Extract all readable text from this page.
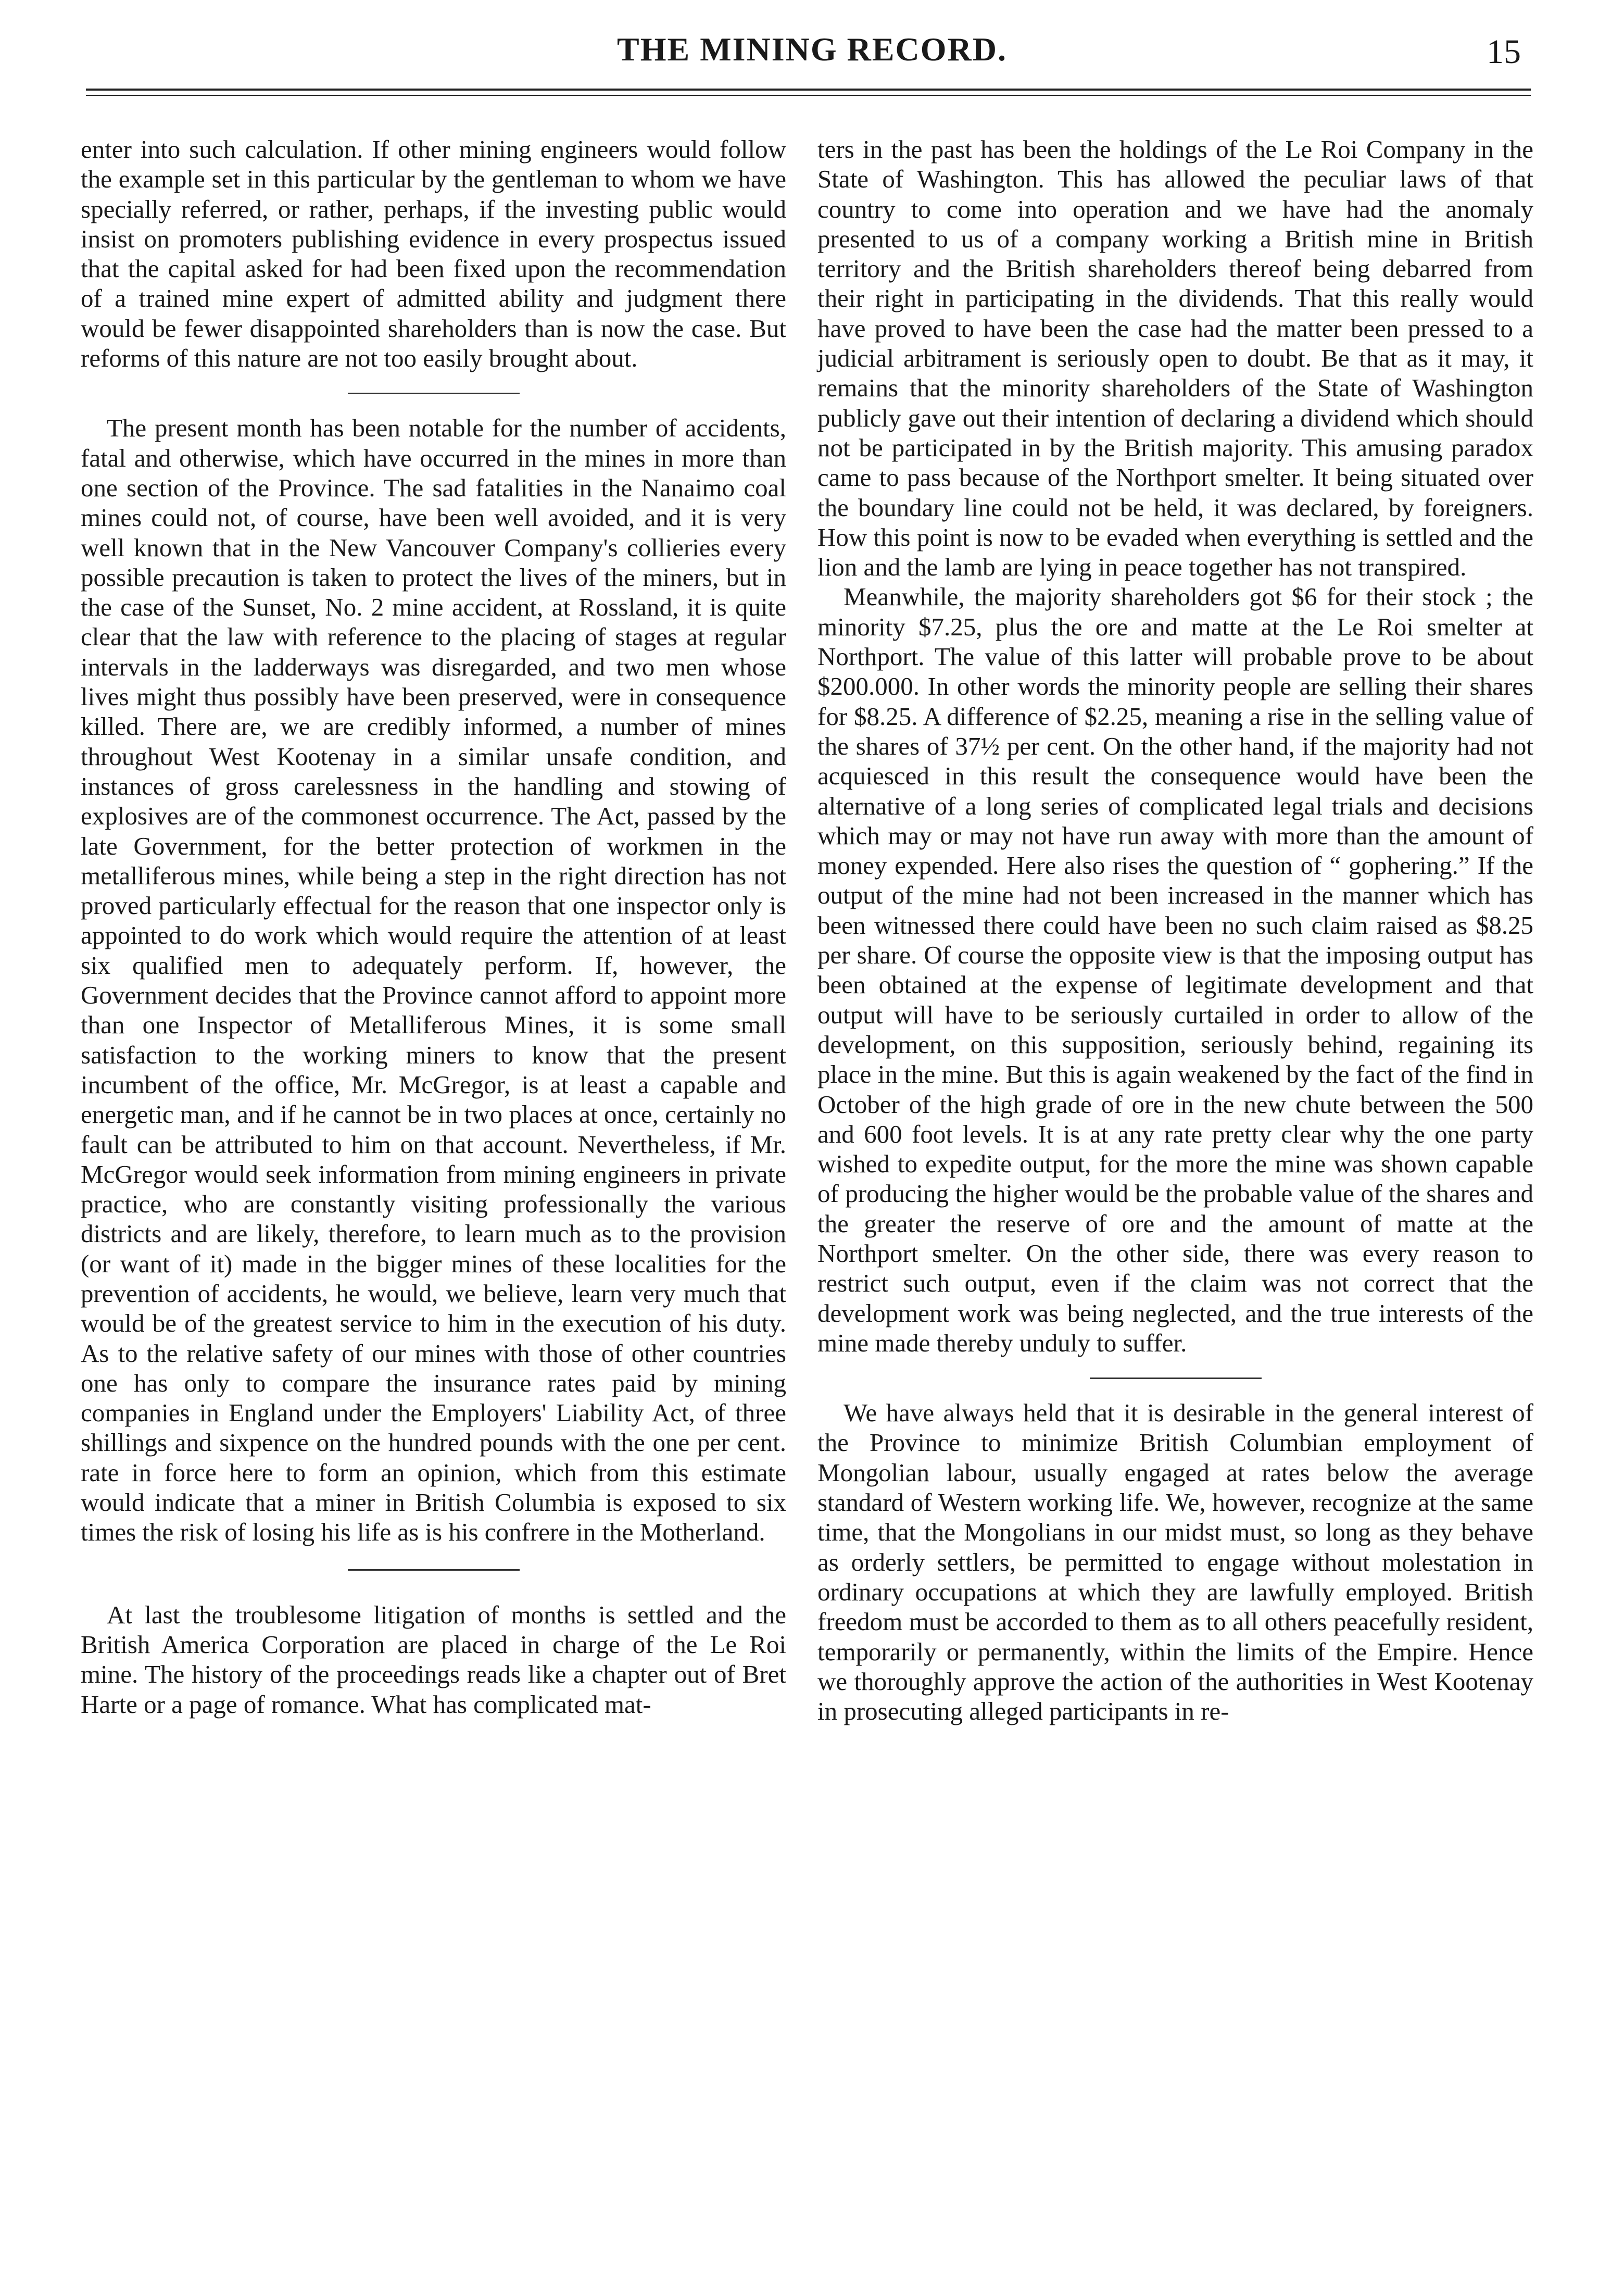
THE MINING RECORD.	15

enter into such calculation. If other mining engineers would follow the example set in this particular by the gentleman to whom we have specially referred, or rather, perhaps, if the investing public would insist on promoters publishing evidence in every prospectus issued that the capital asked for had been fixed upon the recommendation of a trained mine expert of admitted ability and judgment there would be fewer disappointed shareholders than is now the case. But reforms of this nature are not too easily brought about.

The present month has been notable for the number of accidents, fatal and otherwise, which have occurred in the mines in more than one section of the Province. The sad fatalities in the Nanaimo coal mines could not, of course, have been well avoided, and it is very well known that in the New Vancouver Company's collieries every possible precaution is taken to protect the lives of the miners, but in the case of the Sunset, No. 2 mine accident, at Rossland, it is quite clear that the law with reference to the placing of stages at regular intervals in the ladderways was disregarded, and two men whose lives might thus possibly have been preserved, were in consequence killed. There are, we are credibly informed, a number of mines throughout West Kootenay in a similar unsafe condition, and instances of gross carelessness in the handling and stowing of explosives are of the commonest occurrence. The Act, passed by the late Government, for the better protection of workmen in the metalliferous mines, while being a step in the right direction has not proved particularly effectual for the reason that one inspector only is appointed to do work which would require the attention of at least six qualified men to adequately perform. If, however, the Government decides that the Province cannot afford to appoint more than one Inspector of Metalliferous Mines, it is some small satisfaction to the working miners to know that the present incumbent of the office, Mr. McGregor, is at least a capable and energetic man, and if he cannot be in two places at once, certainly no fault can be attributed to him on that account. Nevertheless, if Mr. McGregor would seek information from mining engineers in private practice, who are constantly visiting professionally the various districts and are likely, therefore, to learn much as to the provision (or want of it) made in the bigger mines of these localities for the prevention of accidents, he would, we believe, learn very much that would be of the greatest service to him in the execution of his duty. As to the relative safety of our mines with those of other countries one has only to compare the insurance rates paid by mining companies in England under the Employers' Liability Act, of three shillings and sixpence on the hundred pounds with the one per cent. rate in force here to form an opinion, which from this estimate would indicate that a miner in British Columbia is exposed to six times the risk of losing his life as is his confrere in the Motherland.

At last the troublesome litigation of months is settled and the British America Corporation are placed in charge of the Le Roi mine. The history of the proceedings reads like a chapter out of Bret Harte or a page of romance. What has complicated mat-

ters in the past has been the holdings of the Le Roi Company in the State of Washington. This has allowed the peculiar laws of that country to come into operation and we have had the anomaly presented to us of a company working a British mine in British territory and the British shareholders thereof being debarred from their right in participating in the dividends. That this really would have proved to have been the case had the matter been pressed to a judicial arbitrament is seriously open to doubt. Be that as it may, it remains that the minority shareholders of the State of Washington publicly gave out their intention of declaring a dividend which should not be participated in by the British majority. This amusing paradox came to pass because of the Northport smelter. It being situated over the boundary line could not be held, it was declared, by foreigners. How this point is now to be evaded when everything is settled and the lion and the lamb are lying in peace together has not transpired.

Meanwhile, the majority shareholders got $6 for their stock ; the minority $7.25, plus the ore and matte at the Le Roi smelter at Northport. The value of this latter will probable prove to be about $200.000. In other words the minority people are selling their shares for $8.25. A difference of $2.25, meaning a rise in the selling value of the shares of 37½ per cent. On the other hand, if the majority had not acquiesced in this result the consequence would have been the alternative of a long series of complicated legal trials and decisions which may or may not have run away with more than the amount of money expended. Here also rises the question of “ gophering.” If the output of the mine had not been increased in the manner which has been witnessed there could have been no such claim raised as $8.25 per share. Of course the opposite view is that the imposing output has been obtained at the expense of legitimate development and that output will have to be seriously curtailed in order to allow of the development, on this supposition, seriously behind, regaining its place in the mine. But this is again weakened by the fact of the find in October of the high grade of ore in the new chute between the 500 and 600 foot levels. It is at any rate pretty clear why the one party wished to expedite output, for the more the mine was shown capable of producing the higher would be the probable value of the shares and the greater the reserve of ore and the amount of matte at the Northport smelter. On the other side, there was every reason to restrict such output, even if the claim was not correct that the development work was being neglected, and the true interests of the mine made thereby unduly to suffer.

We have always held that it is desirable in the general interest of the Province to minimize British Columbian employment of Mongolian labour, usually engaged at rates below the average standard of Western working life. We, however, recognize at the same time, that the Mongolians in our midst must, so long as they behave as orderly settlers, be permitted to engage without molestation in ordinary occupations at which they are lawfully employed. British freedom must be accorded to them as to all others peacefully resident, temporarily or permanently, within the limits of the Empire. Hence we thoroughly approve the action of the authorities in West Kootenay in prosecuting alleged participants in re-
